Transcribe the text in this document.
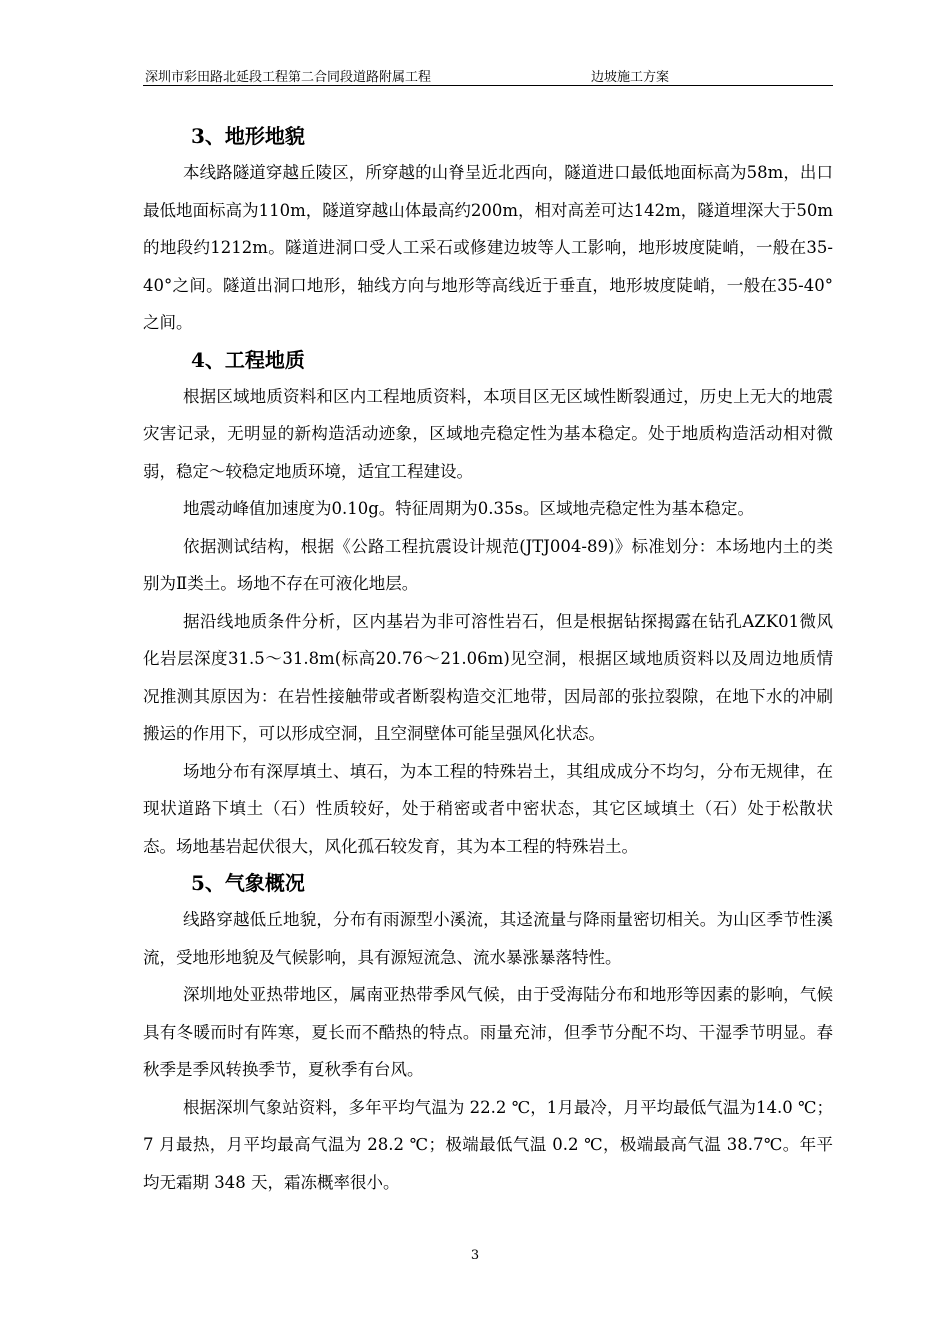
深圳市彩田路北延段工程第二合同段道路附属工程	边坡施工方案
3、地形地貌

本线路隧道穿越丘陵区，所穿越的山脊呈近北西向，隧道进口最低地面标高为58m，出口最低地面标高为110m，隧道穿越山体最高约200m，相对高差可达142m，隧道埋深大于50m的地段约1212m。隧道进洞口受人工采石或修建边坡等人工影响，地形坡度陡峭，一般在35-40°之间。隧道出洞口地形，轴线方向与地形等高线近于垂直，地形坡度陡峭，一般在35-40°之间。

4、工程地质

根据区域地质资料和区内工程地质资料，本项目区无区域性断裂通过，历史上无大的地震灾害记录，无明显的新构造活动迹象，区域地壳稳定性为基本稳定。处于地质构造活动相对微弱，稳定～较稳定地质环境，适宜工程建设。

地震动峰值加速度为0.10g。特征周期为0.35s。区域地壳稳定性为基本稳定。

依据测试结构，根据《公路工程抗震设计规范(JTJ004-89)》标准划分：本场地内土的类别为Ⅱ类土。场地不存在可液化地层。

据沿线地质条件分析，区内基岩为非可溶性岩石，但是根据钻探揭露在钻孔AZK01微风化岩层深度31.5～31.8m(标高20.76～21.06m)见空洞，根据区域地质资料以及周边地质情况推测其原因为：在岩性接触带或者断裂构造交汇地带，因局部的张拉裂隙，在地下水的冲刷搬运的作用下，可以形成空洞，且空洞壁体可能呈强风化状态。

场地分布有深厚填土、填石，为本工程的特殊岩土，其组成成分不均匀，分布无规律，在现状道路下填土（石）性质较好，处于稍密或者中密状态，其它区域填土（石）处于松散状态。场地基岩起伏很大，风化孤石较发育，其为本工程的特殊岩土。

5、气象概况

线路穿越低丘地貌，分布有雨源型小溪流，其迳流量与降雨量密切相关。为山区季节性溪流，受地形地貌及气候影响，具有源短流急、流水暴涨暴落特性。

深圳地处亚热带地区，属南亚热带季风气候，由于受海陆分布和地形等因素的影响，气候具有冬暖而时有阵寒，夏长而不酷热的特点。雨量充沛，但季节分配不均、干湿季节明显。春秋季是季风转换季节，夏秋季有台风。

根据深圳气象站资料，多年平均气温为 22.2 ℃，1月最冷，月平均最低气温为14.0 ℃；7 月最热，月平均最高气温为 28.2 ℃；极端最低气温 0.2 ℃，极端最高气温 38.7℃。年平均无霜期 348 天，霜冻概率很小。

3
